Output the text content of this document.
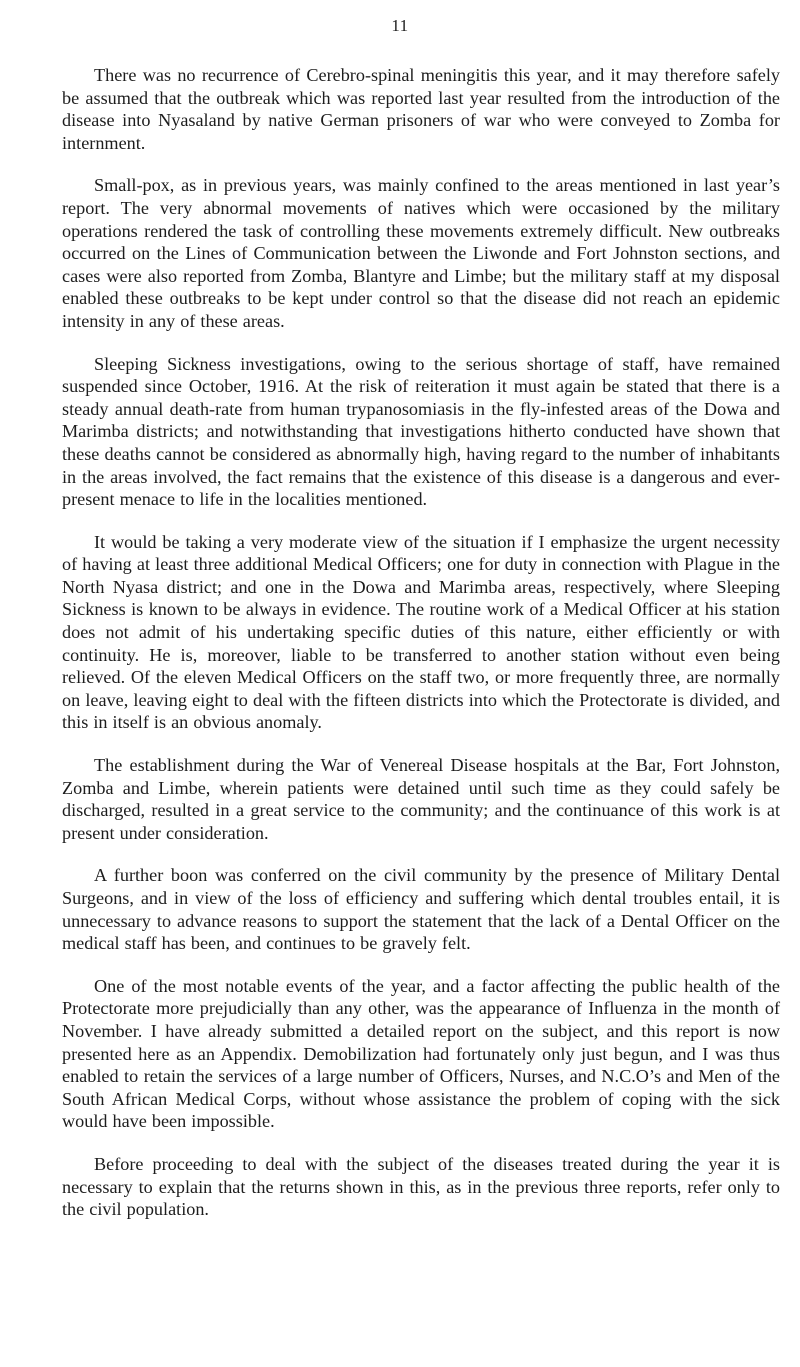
11

There was no recurrence of Cerebro-spinal meningitis this year, and it may therefore safely be assumed that the outbreak which was reported last year resulted from the introduction of the disease into Nyasaland by native German prisoners of war who were conveyed to Zomba for internment.

Small-pox, as in previous years, was mainly confined to the areas mentioned in last year’s report. The very abnormal movements of natives which were occasioned by the military operations rendered the task of controlling these movements extremely difficult. New outbreaks occurred on the Lines of Communication between the Liwonde and Fort Johnston sections, and cases were also reported from Zomba, Blantyre and Limbe; but the military staff at my disposal enabled these outbreaks to be kept under control so that the disease did not reach an epidemic intensity in any of these areas.

Sleeping Sickness investigations, owing to the serious shortage of staff, have remained suspended since October, 1916. At the risk of reiteration it must again be stated that there is a steady annual death-rate from human trypanosomiasis in the fly-infested areas of the Dowa and Marimba districts; and notwithstanding that investigations hitherto conducted have shown that these deaths cannot be considered as abnormally high, having regard to the number of inhabitants in the areas involved, the fact remains that the existence of this disease is a dangerous and ever-present menace to life in the localities mentioned.

It would be taking a very moderate view of the situation if I emphasize the urgent necessity of having at least three additional Medical Officers; one for duty in connection with Plague in the North Nyasa district; and one in the Dowa and Marimba areas, respectively, where Sleeping Sickness is known to be always in evidence. The routine work of a Medical Officer at his station does not admit of his undertaking specific duties of this nature, either efficiently or with continuity. He is, moreover, liable to be transferred to another station without even being relieved. Of the eleven Medical Officers on the staff two, or more frequently three, are normally on leave, leaving eight to deal with the fifteen districts into which the Protectorate is divided, and this in itself is an obvious anomaly.

The establishment during the War of Venereal Disease hospitals at the Bar, Fort Johnston, Zomba and Limbe, wherein patients were detained until such time as they could safely be discharged, resulted in a great service to the community; and the continuance of this work is at present under consideration.

A further boon was conferred on the civil community by the presence of Military Dental Surgeons, and in view of the loss of efficiency and suffering which dental troubles entail, it is unnecessary to advance reasons to support the statement that the lack of a Dental Officer on the medical staff has been, and continues to be gravely felt.

One of the most notable events of the year, and a factor affecting the public health of the Protectorate more prejudicially than any other, was the appearance of Influenza in the month of November. I have already submitted a detailed report on the subject, and this report is now presented here as an Appendix. Demobilization had fortunately only just begun, and I was thus enabled to retain the services of a large number of Officers, Nurses, and N.C.O’s and Men of the South African Medical Corps, without whose assistance the problem of coping with the sick would have been impossible.

Before proceeding to deal with the subject of the diseases treated during the year it is necessary to explain that the returns shown in this, as in the previous three reports, refer only to the civil population.
